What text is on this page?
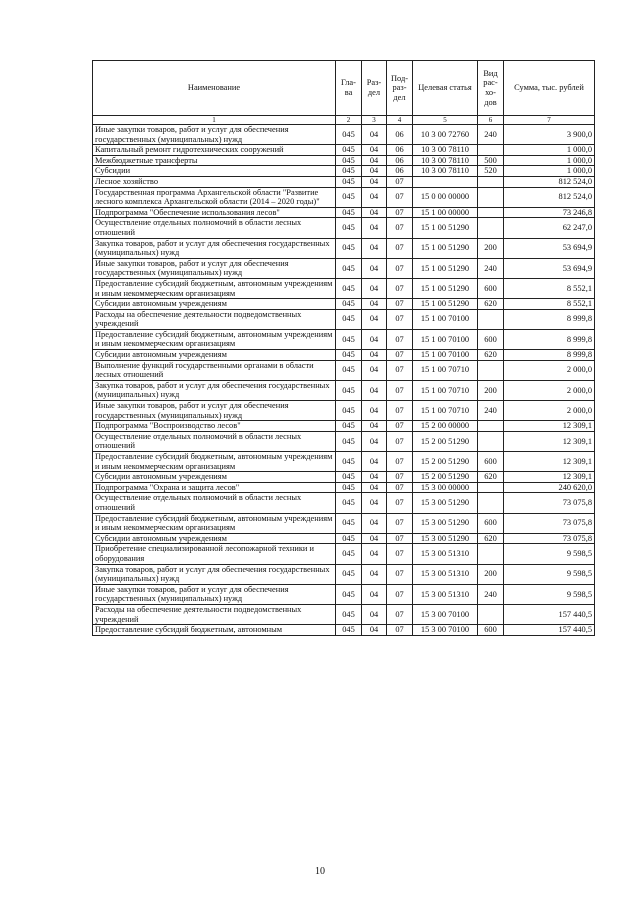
Наименование	Гла-ва	Раз-дел	Под-раз-дел	Целевая статья	Вид рас-хо-дов	Сумма, тыс. рублей
1	2	3	4	5	6	7
Иные закупки товаров, работ и услуг для обеспечения государственных (муниципальных) нужд	045	04	06	10 3 00 72760	240	3 900,0
Капитальный ремонт гидротехнических сооружений	045	04	06	10 3 00 78110		1 000,0
Межбюджетные трансферты	045	04	06	10 3 00 78110	500	1 000,0
Субсидии	045	04	06	10 3 00 78110	520	1 000,0
Лесное хозяйство	045	04	07			812 524,0
Государственная программа Архангельской области "Развитие лесного комплекса Архангельской области (2014 – 2020 годы)"	045	04	07	15 0 00 00000		812 524,0
Подпрограмма "Обеспечение использования лесов"	045	04	07	15 1 00 00000		73 246,8
Осуществление отдельных полномочий в области лесных отношений	045	04	07	15 1 00 51290		62 247,0
Закупка товаров, работ и услуг для обеспечения государственных (муниципальных) нужд	045	04	07	15 1 00 51290	200	53 694,9
Иные закупки товаров, работ и услуг для обеспечения государственных (муниципальных) нужд	045	04	07	15 1 00 51290	240	53 694,9
Предоставление субсидий бюджетным, автономным учреждениям и иным некоммерческим организациям	045	04	07	15 1 00 51290	600	8 552,1
Субсидии автономным учреждениям	045	04	07	15 1 00 51290	620	8 552,1
Расходы на обеспечение деятельности подведомственных учреждений	045	04	07	15 1 00 70100		8 999,8
Предоставление субсидий бюджетным, автономным учреждениям и иным некоммерческим организациям	045	04	07	15 1 00 70100	600	8 999,8
Субсидии автономным учреждениям	045	04	07	15 1 00 70100	620	8 999,8
Выполнение функций государственными органами в области лесных отношений	045	04	07	15 1 00 70710		2 000,0
Закупка товаров, работ и услуг для обеспечения государственных (муниципальных) нужд	045	04	07	15 1 00 70710	200	2 000,0
Иные закупки товаров, работ и услуг для обеспечения государственных (муниципальных) нужд	045	04	07	15 1 00 70710	240	2 000,0
Подпрограмма "Воспроизводство лесов"	045	04	07	15 2 00 00000		12 309,1
Осуществление отдельных полномочий в области лесных отношений	045	04	07	15 2 00 51290		12 309,1
Предоставление субсидий бюджетным, автономным учреждениям и иным некоммерческим организациям	045	04	07	15 2 00 51290	600	12 309,1
Субсидии автономным учреждениям	045	04	07	15 2 00 51290	620	12 309,1
Подпрограмма "Охрана и защита лесов"	045	04	07	15 3 00 00000		240 620,0
Осуществление отдельных полномочий в области лесных отношений	045	04	07	15 3 00 51290		73 075,8
Предоставление субсидий бюджетным, автономным учреждениям и иным некоммерческим организациям	045	04	07	15 3 00 51290	600	73 075,8
Субсидии автономным учреждениям	045	04	07	15 3 00 51290	620	73 075,8
Приобретение специализированной лесопожарной техники и оборудования	045	04	07	15 3 00 51310		9 598,5
Закупка товаров, работ и услуг для обеспечения государственных (муниципальных) нужд	045	04	07	15 3 00 51310	200	9 598,5
Иные закупки товаров, работ и услуг для обеспечения государственных (муниципальных) нужд	045	04	07	15 3 00 51310	240	9 598,5
Расходы на обеспечение деятельности подведомственных учреждений	045	04	07	15 3 00 70100		157 440,5
Предоставление субсидий бюджетным, автономным	045	04	07	15 3 00 70100	600	157 440,5
10
